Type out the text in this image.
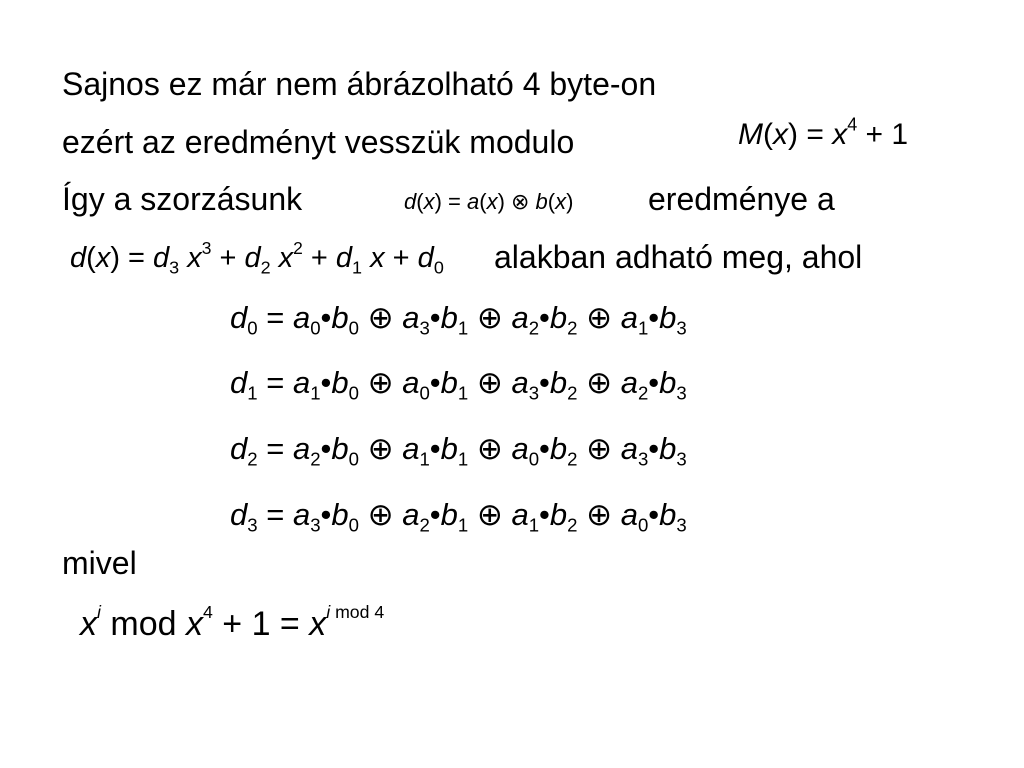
Sajnos ez már nem ábrázolható 4 byte-on
ezért az eredményt vesszük modulo	$M(x) = x^4 + 1$
Így a szorzásunk	d(x) = a(x) ⊗ b(x) eredménye a
$d(x) = d_3$ $x^3 + d_2$ $x^2 + d_1$ $x + d_0$ alakban adható meg, ahol
$d_0$ = $a_0•b_0$ ⊕ $a_3•b_1$ ⊕ $a_2•b_2$ ⊕ $a_1•b_3$
$d_1$ = $a_1•b_0$ ⊕ $a_0•b_1$ ⊕ $a_3•b_2$ ⊕ $a_2•b_3$
$d_2$ = $a_2•b_0$ ⊕ $a_1•b_1$ ⊕ $a_0•b_2$ ⊕ $a_3•b_3$
$d_3$ = $a_3•b_0$ ⊕ $a_2•b_1$ ⊕ $a_1•b_2$ ⊕ $a_0•b_3$
mivel
$x^i$ mod $x^4 + 1 = x^{i mod 4}$
